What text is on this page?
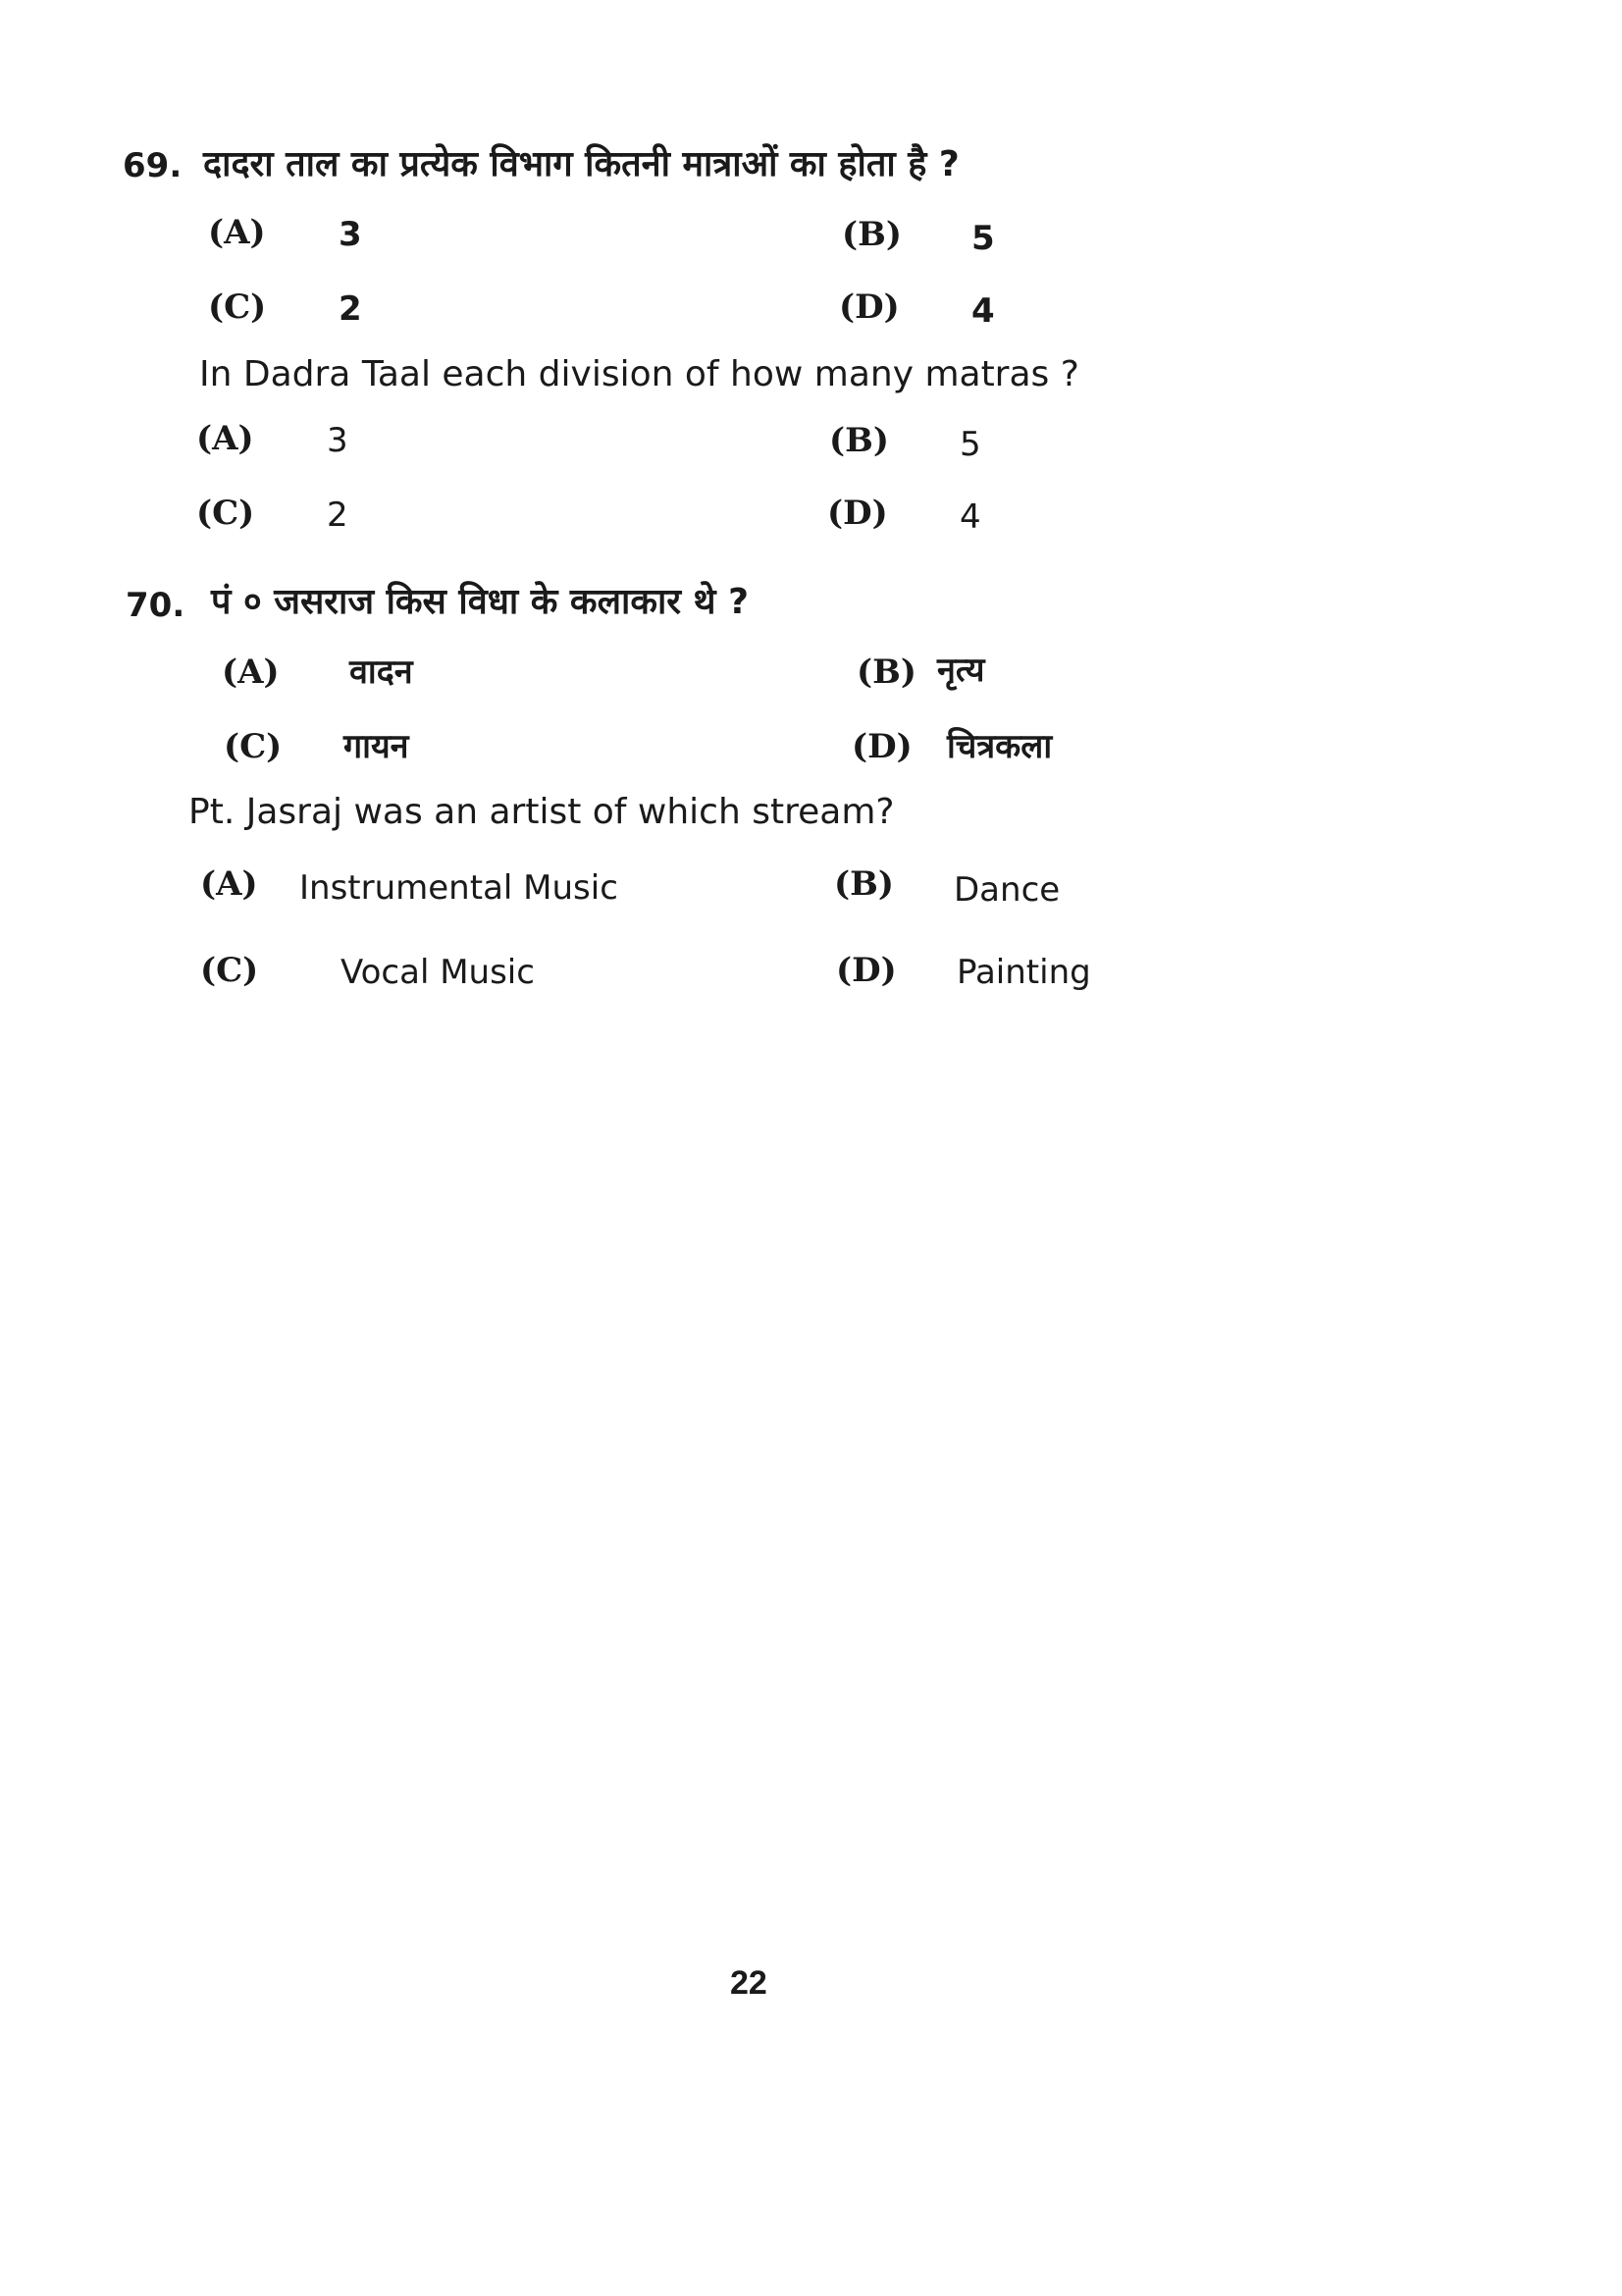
69. दादरा ताल का प्रत्येक विभाग कितनी मात्राओं का होता है ?
(A) 3	(B) 5
(C) 2	(D) 4
In Dadra Taal each division of how many matras ?
(A) 3	(B) 5
(C) 2	(D) 4
70. पं ० जसराज किस विधा के कलाकार थे ?
(A) वादन	(B) नृत्य
(C) गायन	(D) चित्रकला
Pt. Jasraj was an artist of which stream?
(A) Instrumental Music	(B) Dance
(C) Vocal Music	(D) Painting
22
